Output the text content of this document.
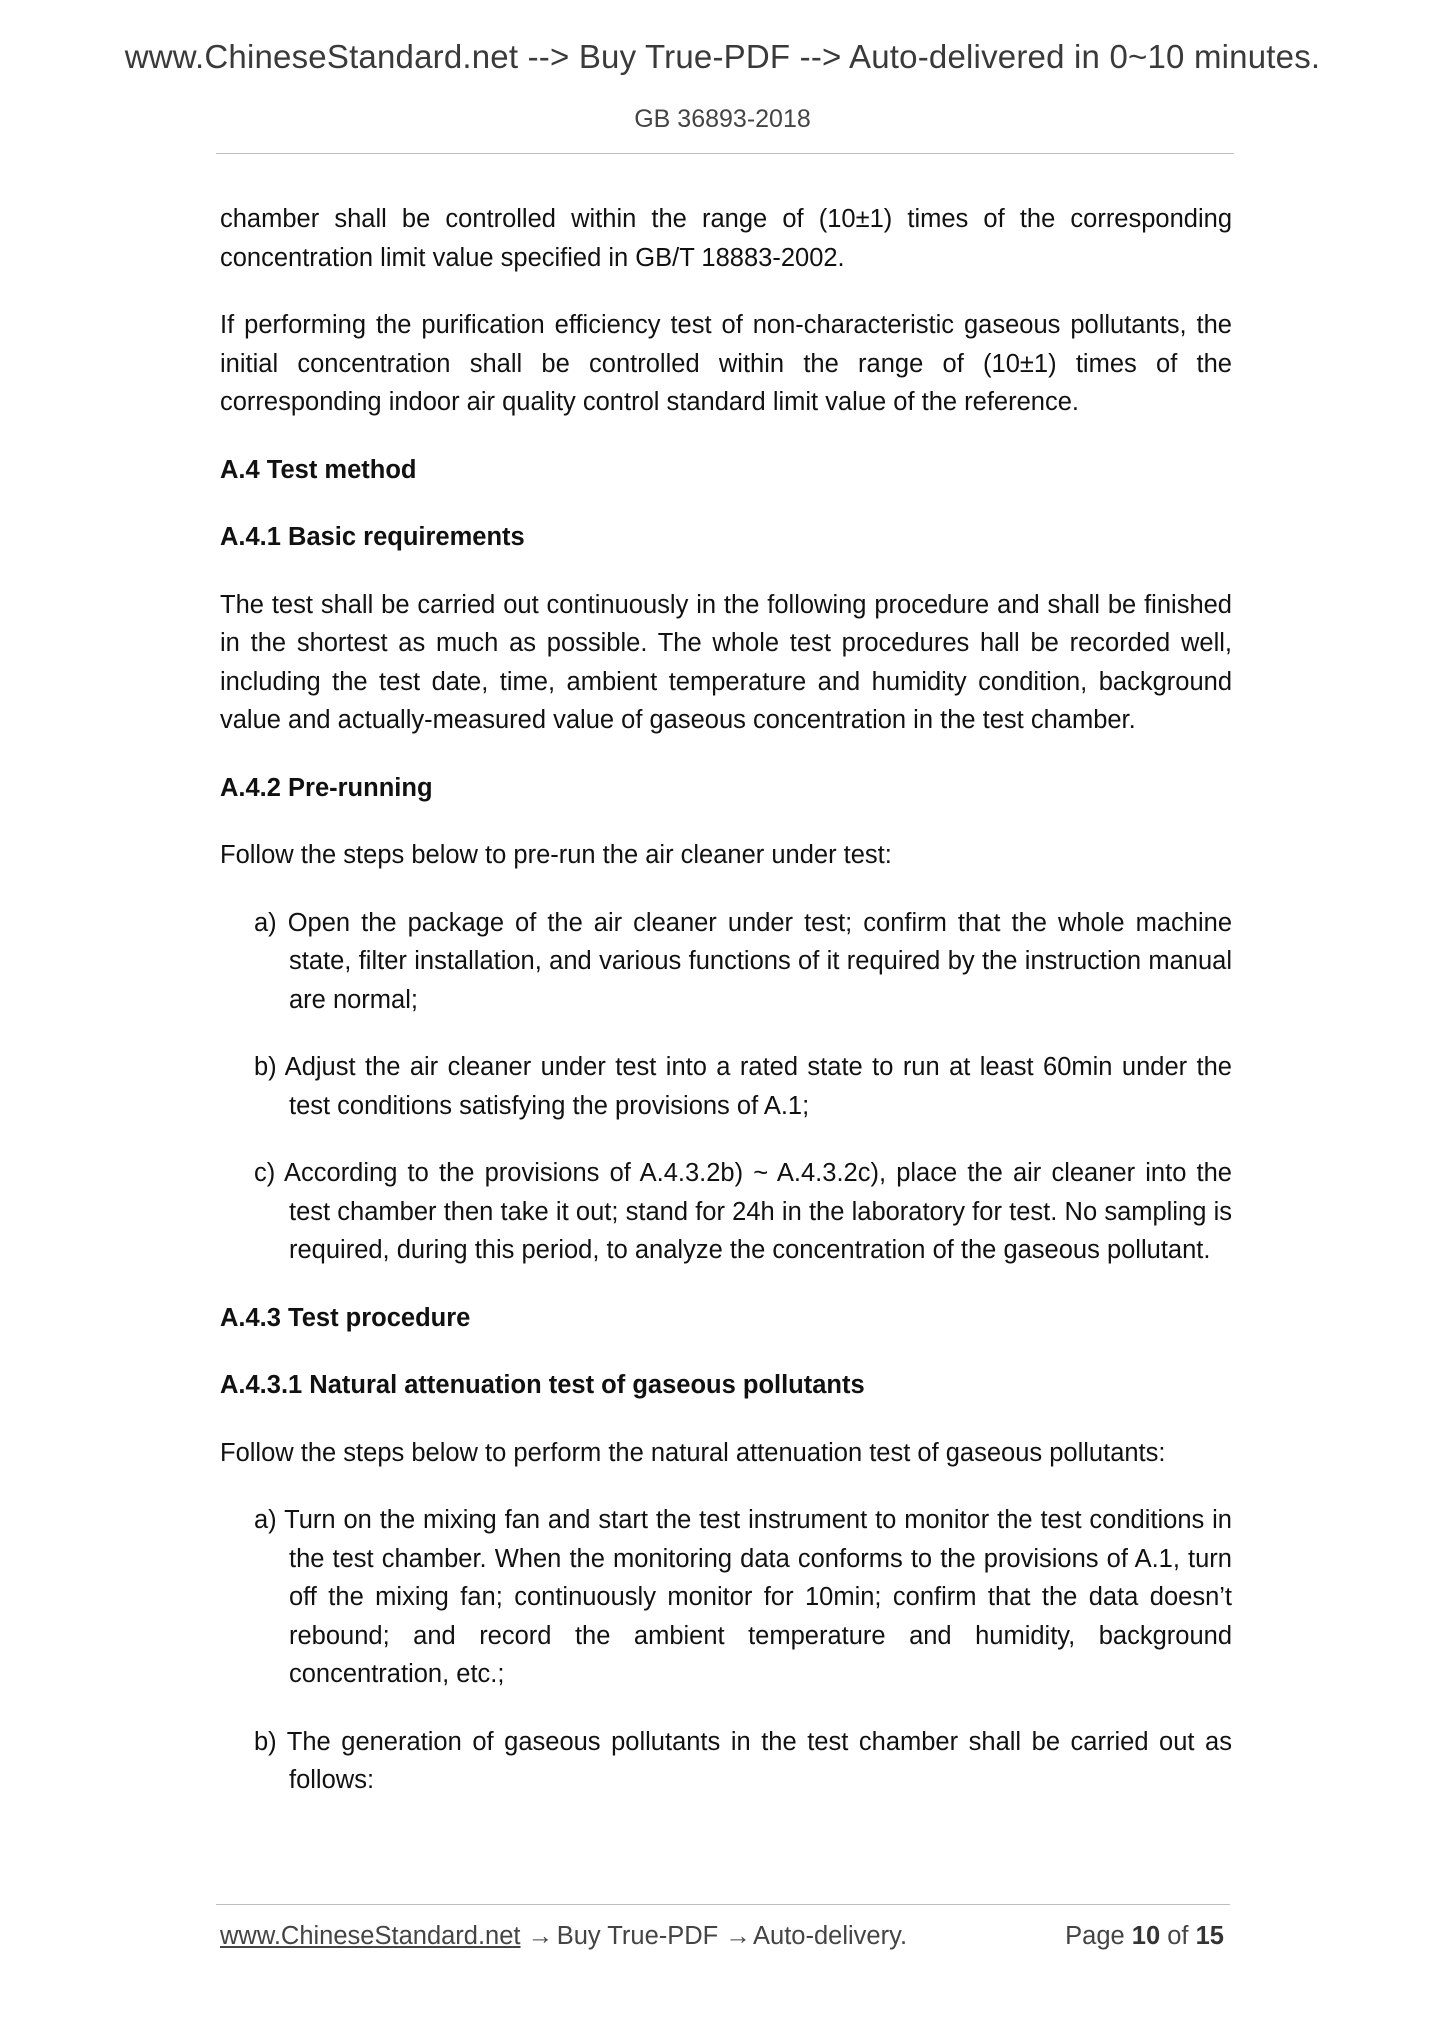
www.ChineseStandard.net --> Buy True-PDF --> Auto-delivered in 0~10 minutes.
GB 36893-2018

chamber shall be controlled within the range of (10±1) times of the corresponding concentration limit value specified in GB/T 18883-2002.

If performing the purification efficiency test of non-characteristic gaseous pollutants, the initial concentration shall be controlled within the range of (10±1) times of the corresponding indoor air quality control standard limit value of the reference.

A.4 Test method
A.4.1 Basic requirements

The test shall be carried out continuously in the following procedure and shall be finished in the shortest as much as possible. The whole test procedures hall be recorded well, including the test date, time, ambient temperature and humidity condition, background value and actually-measured value of gaseous concentration in the test chamber.

A.4.2 Pre-running

Follow the steps below to pre-run the air cleaner under test:

a) Open the package of the air cleaner under test; confirm that the whole machine state, filter installation, and various functions of it required by the instruction manual are normal;

b) Adjust the air cleaner under test into a rated state to run at least 60min under the test conditions satisfying the provisions of A.1;

c) According to the provisions of A.4.3.2b) ~ A.4.3.2c), place the air cleaner into the test chamber then take it out; stand for 24h in the laboratory for test. No sampling is required, during this period, to analyze the concentration of the gaseous pollutant.

A.4.3 Test procedure
A.4.3.1 Natural attenuation test of gaseous pollutants

Follow the steps below to perform the natural attenuation test of gaseous pollutants:

a) Turn on the mixing fan and start the test instrument to monitor the test conditions in the test chamber. When the monitoring data conforms to the provisions of A.1, turn off the mixing fan; continuously monitor for 10min; confirm that the data doesn’t rebound; and record the ambient temperature and humidity, background concentration, etc.;

b) The generation of gaseous pollutants in the test chamber shall be carried out as follows:

www.ChineseStandard.net → Buy True-PDF → Auto-delivery.	Page 10 of 15
